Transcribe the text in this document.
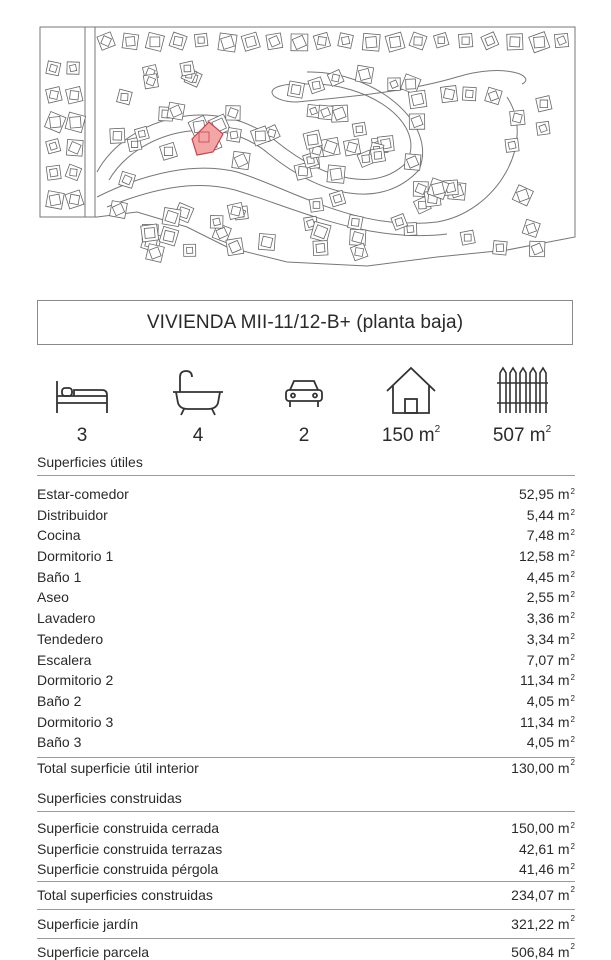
VIVIENDA MII-11/12-B+ (planta baja)
3	4	2	150 $m^2$	507 $m^2$
Superficies útiles
Estar-comedor	52,95 $m^2$
Distribuidor	5,44 $m^2$
Cocina	7,48 $m^2$
Dormitorio 1	12,58 $m^2$
Baño 1	4,45 $m^2$
Aseo	2,55 $m^2$
Lavadero	3,36 $m^2$
Tendedero	3,34 $m^2$
Escalera	7,07 $m^2$
Dormitorio 2	11,34 $m^2$
Baño 2	4,05 $m^2$
Dormitorio 3	11,34 $m^2$
Baño 3	4,05 $m^2$
Total superficie útil interior	130,00 $m^2$
Superficies construidas
Superficie construida cerrada	150,00 $m^2$
Superficie construida terrazas	42,61 $m^2$
Superficie construida pérgola	41,46 $m^2$
Total superficies construidas	234,07 $m^2$
Superficie jardín	321,22 $m^2$
Superficie parcela	506,84 $m^2$
